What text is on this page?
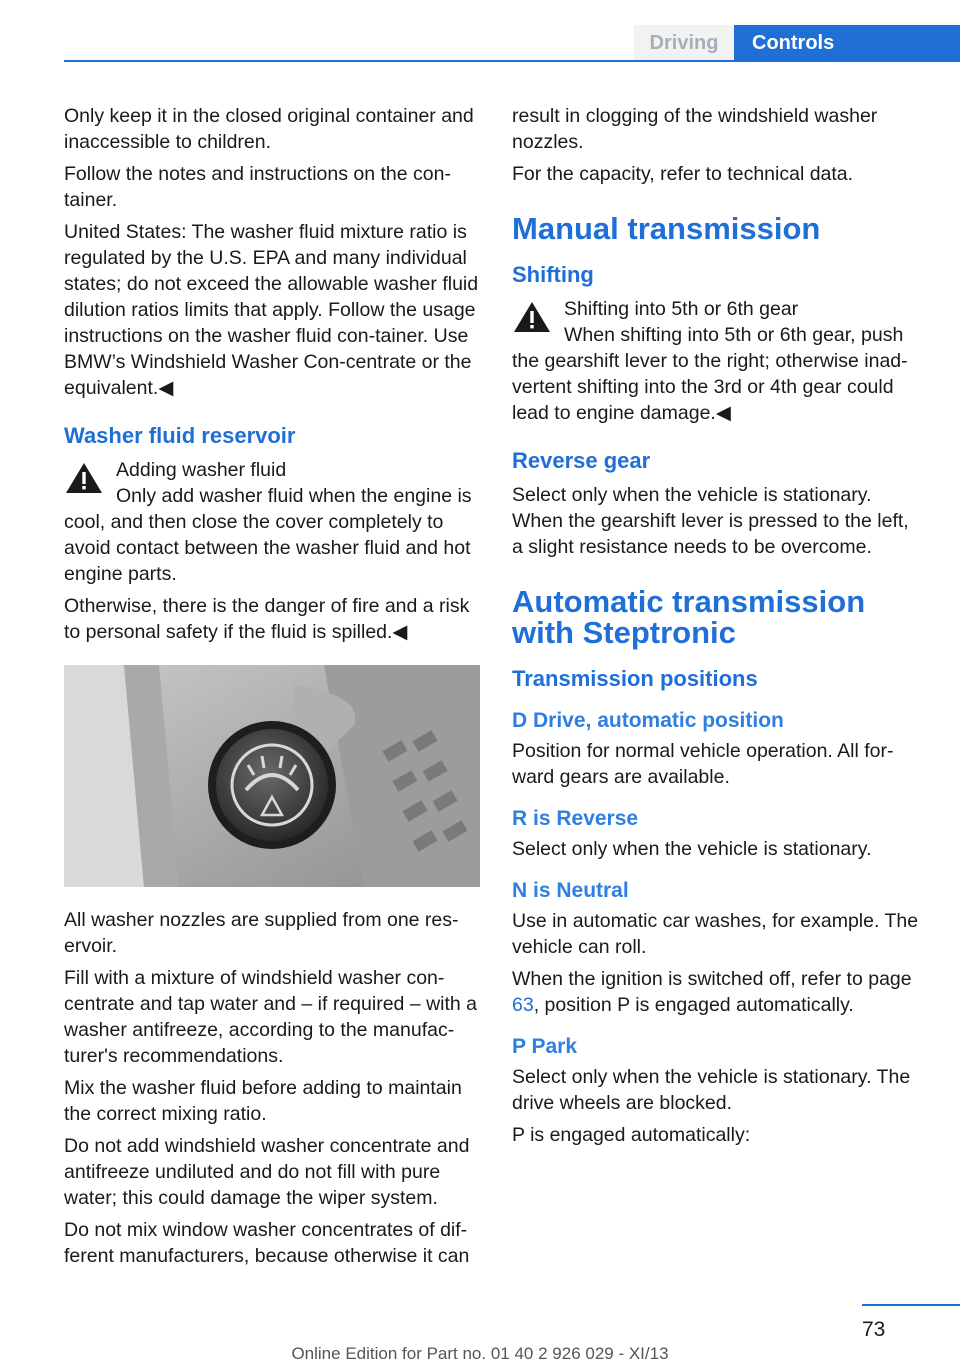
Driving	Controls

Only keep it in the closed original container and inaccessible to children.

Follow the notes and instructions on the con‐tainer.

United States: The washer fluid mixture ratio is regulated by the U.S. EPA and many individual states; do not exceed the allowable washer fluid dilution ratios limits that apply. Follow the usage instructions on the washer fluid con‐tainer. Use BMW’s Windshield Washer Con‐centrate or the equivalent.◀

Washer fluid reservoir
Adding washer fluid
Only add washer fluid when the engine is cool, and then close the cover completely to avoid contact between the washer fluid and hot engine parts.

Otherwise, there is the danger of fire and a risk to personal safety if the fluid is spilled.◀

All washer nozzles are supplied from one res‐ervoir.

Fill with a mixture of windshield washer con‐centrate and tap water and – if required – with a washer antifreeze, according to the manufac‐turer's recommendations.

Mix the washer fluid before adding to maintain the correct mixing ratio.

Do not add windshield washer concentrate and antifreeze undiluted and do not fill with pure water; this could damage the wiper system.

Do not mix window washer concentrates of dif‐ferent manufacturers, because otherwise it can

result in clogging of the windshield washer nozzles.

For the capacity, refer to technical data.

Manual transmission
Shifting
Shifting into 5th or 6th gear
When shifting into 5th or 6th gear, push the gearshift lever to the right; otherwise inad‐vertent shifting into the 3rd or 4th gear could lead to engine damage.◀
Reverse gear

Select only when the vehicle is stationary.

When the gearshift lever is pressed to the left, a slight resistance needs to be overcome.

Automatic transmission with Steptronic
Transmission positions
D Drive, automatic position

Position for normal vehicle operation. All for‐ward gears are available.

R is Reverse

Select only when the vehicle is stationary.

N is Neutral

Use in automatic car washes, for example. The vehicle can roll.

When the ignition is switched off, refer to page 63, position P is engaged automatically.

P Park

Select only when the vehicle is stationary. The drive wheels are blocked.

P is engaged automatically:

73
Online Edition for Part no. 01 40 2 926 029 - XI/13
